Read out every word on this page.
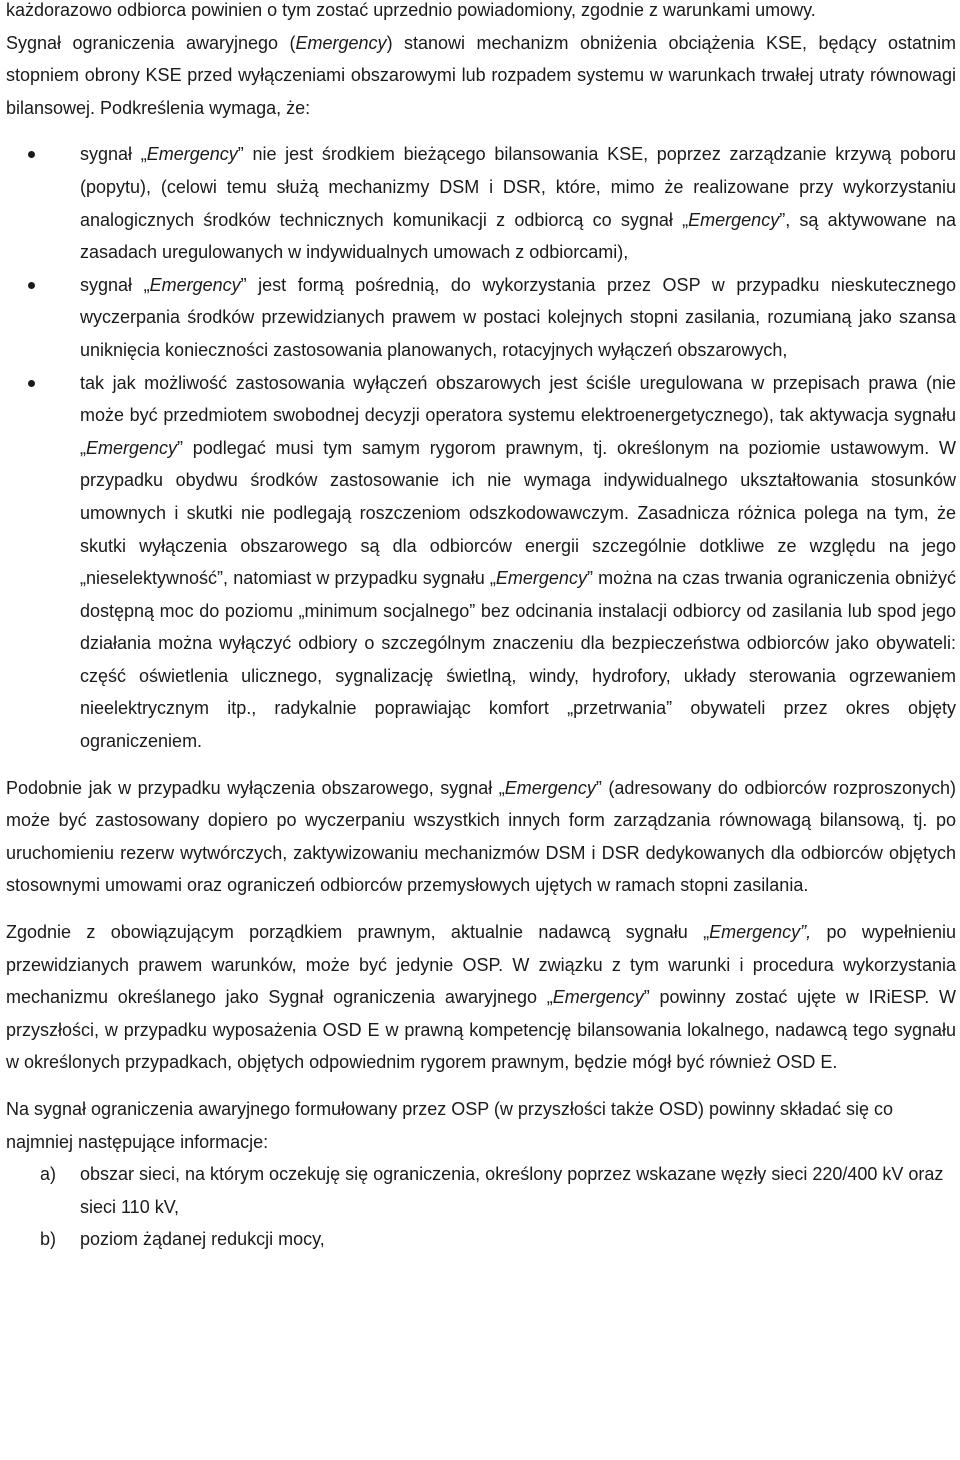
każdorazowo odbiorca powinien o tym zostać uprzednio powiadomiony, zgodnie z warunkami umowy.
Sygnał ograniczenia awaryjnego (Emergency) stanowi mechanizm obniżenia obciążenia KSE, będący ostatnim stopniem obrony KSE przed wyłączeniami obszarowymi lub rozpadem systemu w warunkach trwałej utraty równowagi bilansowej. Podkreślenia wymaga, że:

sygnał „Emergency” nie jest środkiem bieżącego bilansowania KSE, poprzez zarządzanie krzywą poboru (popytu), (celowi temu służą mechanizmy DSM i DSR, które, mimo że realizowane przy wykorzystaniu analogicznych środków technicznych komunikacji z odbiorcą co sygnał „Emergency”, są aktywowane na zasadach uregulowanych w indywidualnych umowach z odbiorcami),
sygnał „Emergency” jest formą pośrednią, do wykorzystania przez OSP w przypadku nieskutecznego wyczerpania środków przewidzianych prawem w postaci kolejnych stopni zasilania, rozumianą jako szansa uniknięcia konieczności zastosowania planowanych, rotacyjnych wyłączeń obszarowych,
tak jak możliwość zastosowania wyłączeń obszarowych jest ściśle uregulowana w przepisach prawa (nie może być przedmiotem swobodnej decyzji operatora systemu elektroenergetycznego), tak aktywacja sygnału „Emergency” podlegać musi tym samym rygorom prawnym, tj. określonym na poziomie ustawowym. W przypadku obydwu środków zastosowanie ich nie wymaga indywidualnego ukształtowania stosunków umownych i skutki nie podlegają roszczeniom odszkodowawczym. Zasadnicza różnica polega na tym, że skutki wyłączenia obszarowego są dla odbiorców energii szczególnie dotkliwe ze względu na jego „nieselektywność”, natomiast w przypadku sygnału „Emergency” można na czas trwania ograniczenia obniżyć dostępną moc do poziomu „minimum socjalnego” bez odcinania instalacji odbiorcy od zasilania lub spod jego działania można wyłączyć odbiory o szczególnym znaczeniu dla bezpieczeństwa odbiorców jako obywateli: część oświetlenia ulicznego, sygnalizację świetlną, windy, hydrofory, układy sterowania ogrzewaniem nieelektrycznym itp., radykalnie poprawiając komfort „przetrwania” obywateli przez okres objęty ograniczeniem.

Podobnie jak w przypadku wyłączenia obszarowego, sygnał „Emergency” (adresowany do odbiorców rozproszonych) może być zastosowany dopiero po wyczerpaniu wszystkich innych form zarządzania równowagą bilansową, tj. po uruchomieniu rezerw wytwórczych, zaktywizowaniu mechanizmów DSM i DSR dedykowanych dla odbiorców objętych stosownymi umowami oraz ograniczeń odbiorców przemysłowych ujętych w ramach stopni zasilania.

Zgodnie z obowiązującym porządkiem prawnym, aktualnie nadawcą sygnału „Emergency”, po wypełnieniu przewidzianych prawem warunków, może być jedynie OSP. W związku z tym warunki i procedura wykorzystania mechanizmu określanego jako Sygnał ograniczenia awaryjnego „Emergency” powinny zostać ujęte w IRiESP. W przyszłości, w przypadku wyposażenia OSD E w prawną kompetencję bilansowania lokalnego, nadawcą tego sygnału w określonych przypadkach, objętych odpowiednim rygorem prawnym, będzie mógł być również OSD E.

Na sygnał ograniczenia awaryjnego formułowany przez OSP (w przyszłości także OSD) powinny składać się co najmniej następujące informacje:

a) obszar sieci, na którym oczekuję się ograniczenia, określony poprzez wskazane węzły sieci 220/400 kV oraz sieci 110 kV,
b) poziom żądanej redukcji mocy,
